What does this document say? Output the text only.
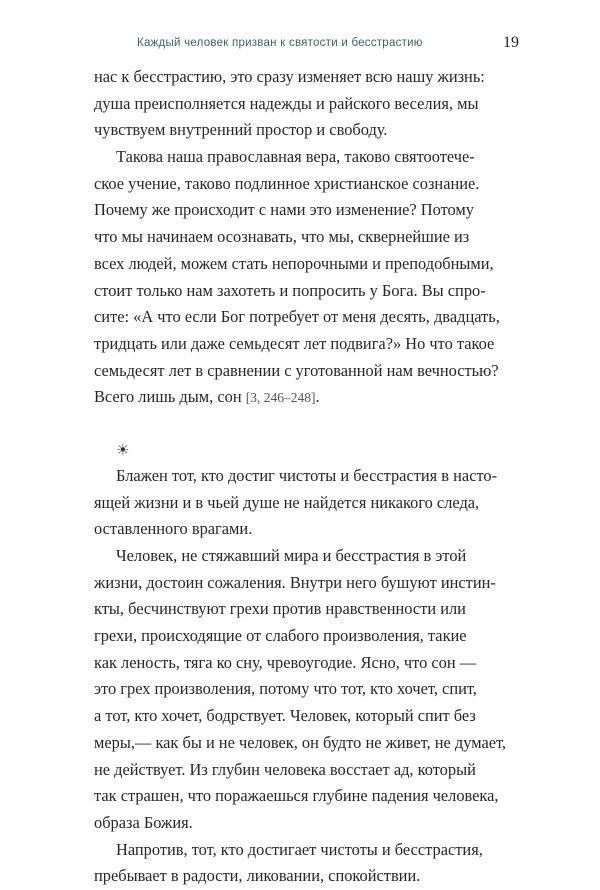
Каждый человек призван к святости и бесстрастию	19
нас к бесстрастию, это сразу изменяет всю нашу жизнь:
душа преисполняется надежды и райского веселия, мы
чувствуем внутренний простор и свободу.
Такова наша православная вера, таково святоотече-
ское учение, таково подлинное христианское сознание.
Почему же происходит с нами это изменение? Потому
что мы начинаем осознавать, что мы, сквернейшие из
всех людей, можем стать непорочными и преподобными,
стоит только нам захотеть и попросить у Бога. Вы спро-
сите: «А что если Бог потребует от меня десять, двадцать,
тридцать или даже семьдесят лет подвига?» Но что такое
семьдесят лет в сравнении с уготованной нам вечностью?
Всего лишь дым, сон [3, 246–248].
☀
Блажен тот, кто достиг чистоты и бесстрастия в насто-
ящей жизни и в чьей душе не найдется никакого следа,
оставленного врагами.
Человек, не стяжавший мира и бесстрастия в этой
жизни, достоин сожаления. Внутри него бушуют инстин-
кты, бесчинствуют грехи против нравственности или
грехи, происходящие от слабого произволения, такие
как леность, тяга ко сну, чревоугодие. Ясно, что сон —
это грех произволения, потому что тот, кто хочет, спит,
а тот, кто хочет, бодрствует. Человек, который спит без
меры,— как бы и не человек, он будто не живет, не думает,
не действует. Из глубин человека восстает ад, который
так страшен, что поражаешься глубине падения человека,
образа Божия.
Напротив, тот, кто достигает чистоты и бесстрастия,
пребывает в радости, ликовании, спокойствии.
